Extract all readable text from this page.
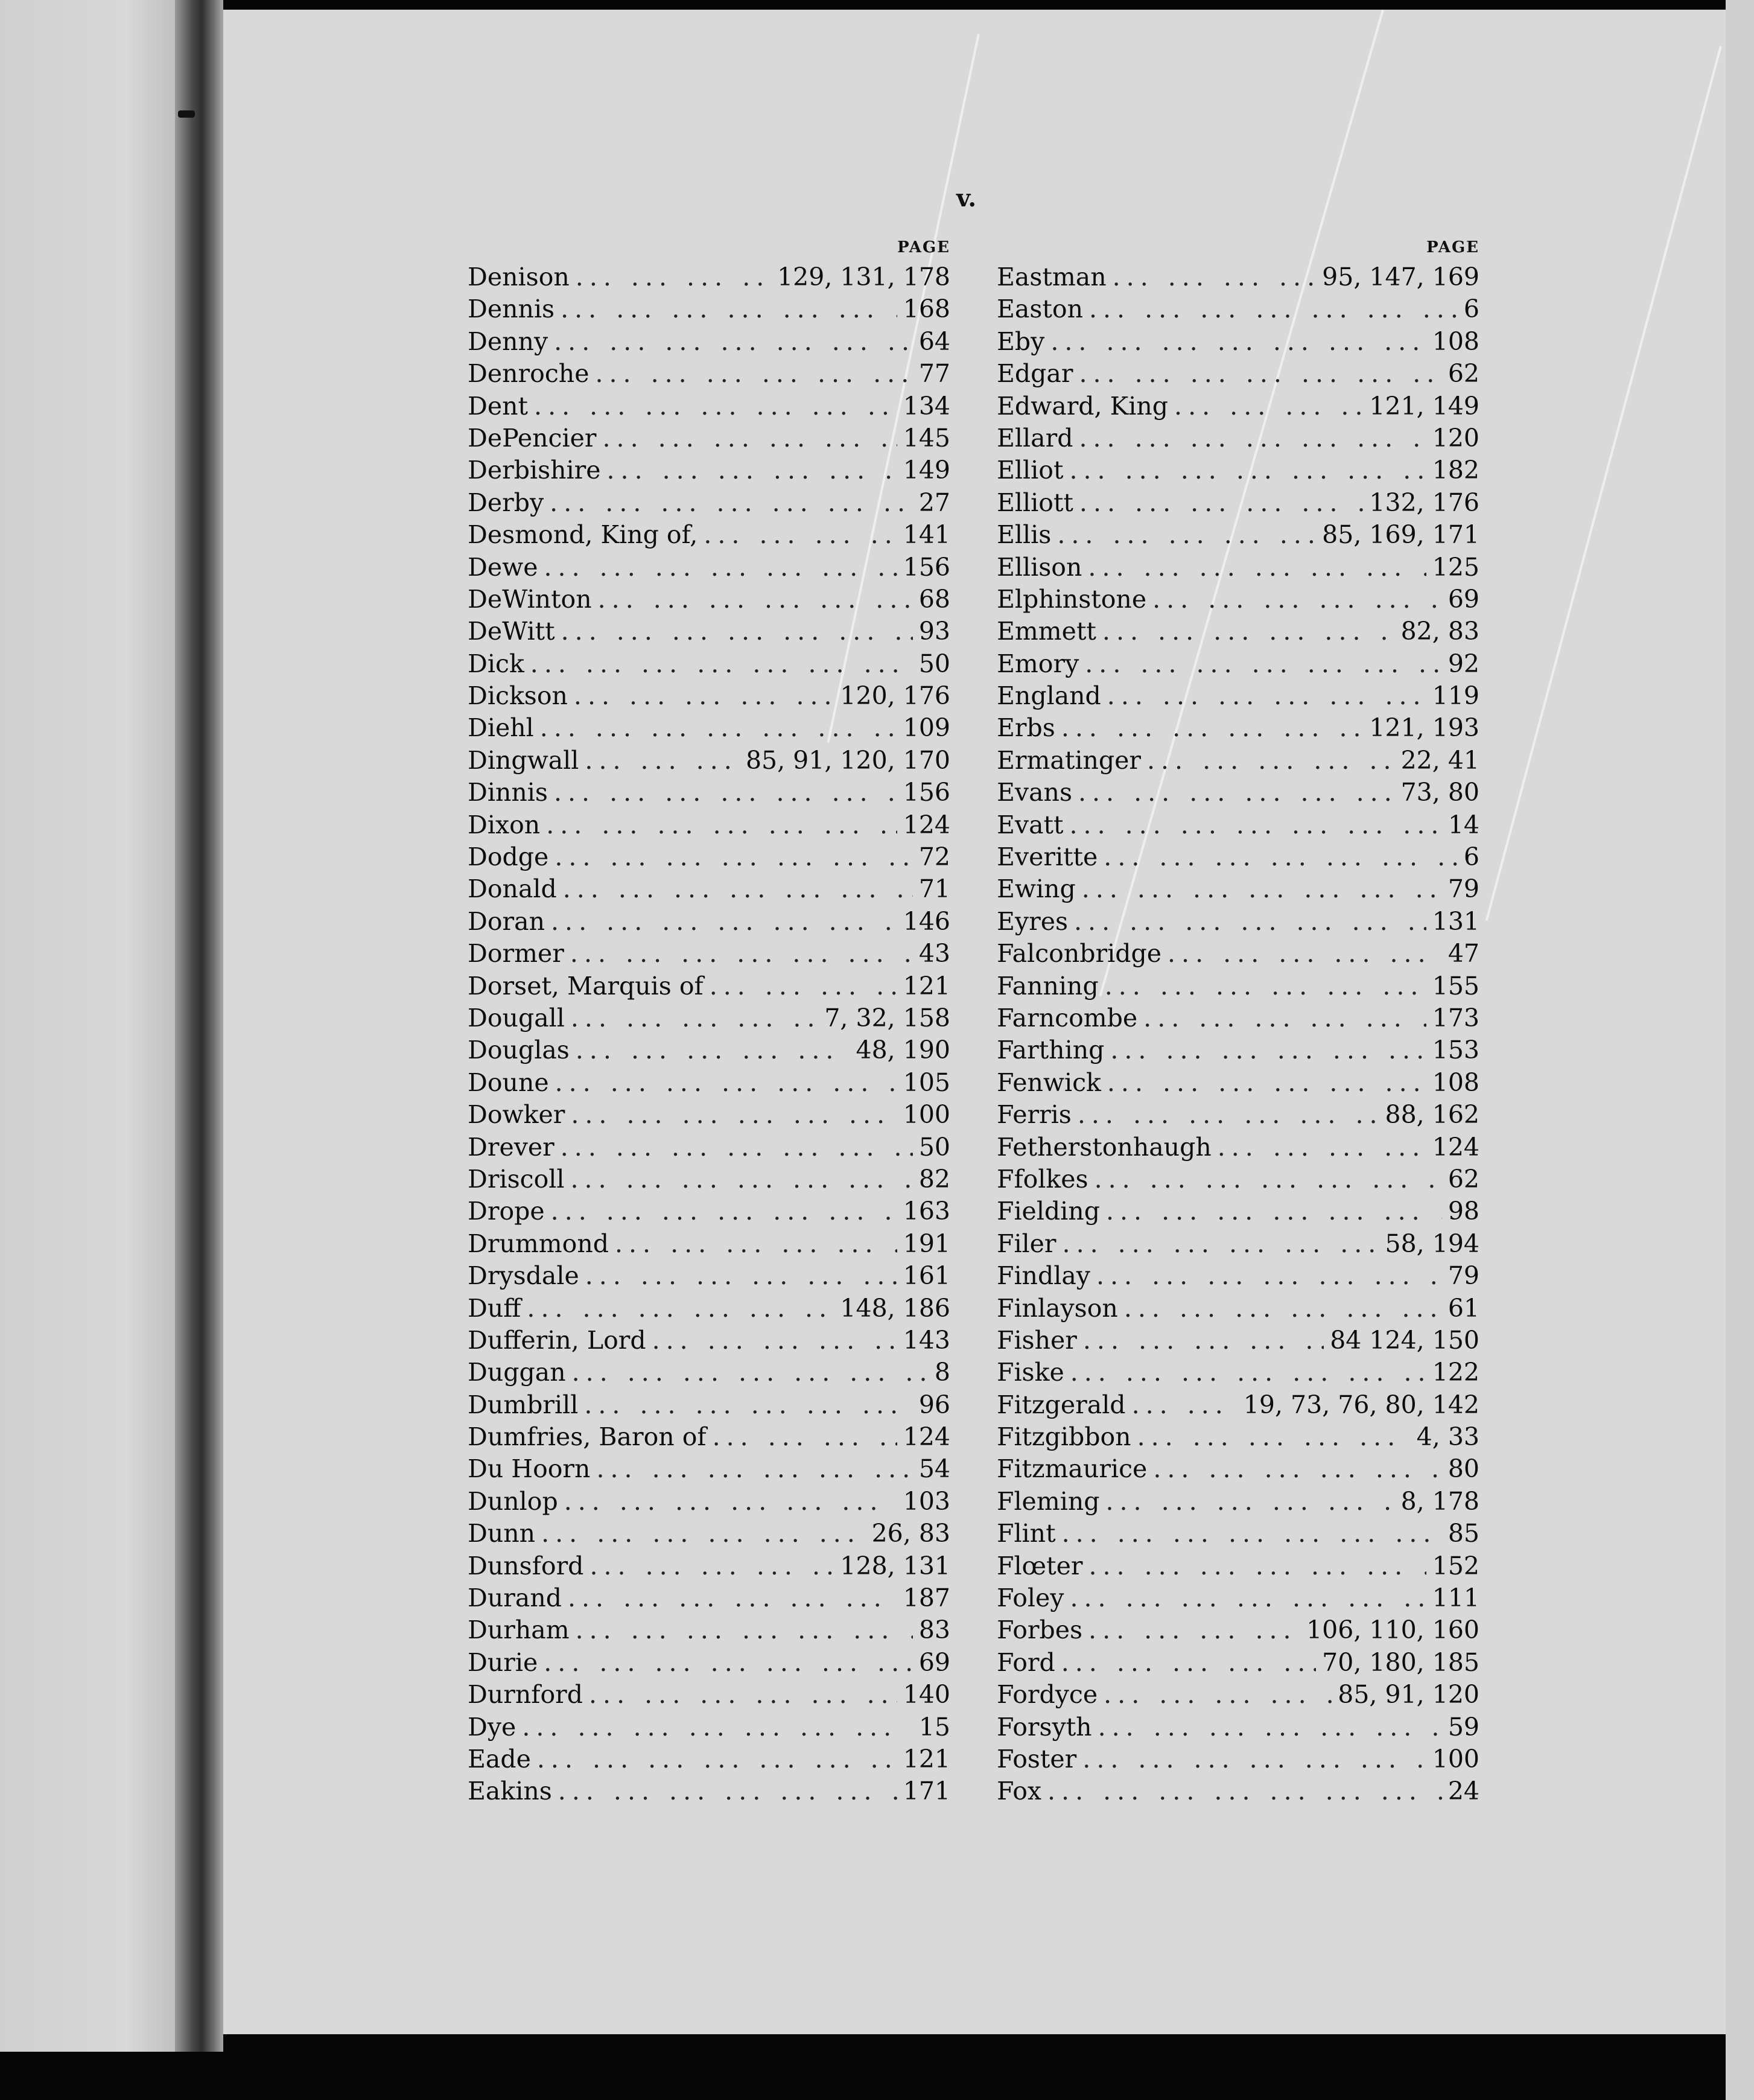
v.
PAGE
Denison ... .	129, 131, 178
Dennis ... .	168
Denny ... .	64
Denroche ... .	77
Dent ... .	134
DePencier ... .	145
Derbishire ... .	149
Derby ... .	27
Desmond, King of, ... .	141
Dewe ... .	156
DeWinton ... .	68
DeWitt ... .	93
Dick ... .	50
Dickson ... .	120, 176
Diehl ... .	109
Dingwall ... .	85, 91, 120, 170
Dinnis ... .	156
Dixon ... .	124
Dodge ... .	72
Donald ... .	71
Doran ... .	146
Dormer ... .	43
Dorset, Marquis of ... .	121
Dougall ... .	7, 32, 158
Douglas ... .	48, 190
Doune ... .	105
Dowker ... .	100
Drever ... .	50
Driscoll ... .	82
Drope ... .	163
Drummond ... .	191
Drysdale ... .	161
Duff ... .	148, 186
Dufferin, Lord ... .	143
Duggan ... .	8
Dumbrill ... .	96
Dumfries, Baron of ... .	124
Du Hoorn ... .	54
Dunlop ... .	103
Dunn ... .	26, 83
Dunsford ... .	128, 131
Durand ... .	187
Durham ... .	83
Durie ... .	69
Durnford ... .	140
Dye ... .	15
Eade ... .	121
Eakins ... .	171
PAGE
Eastman ... .	95, 147, 169
Easton ... .	6
Eby ... .	108
Edgar ... .	62
Edward, King ... .	121, 149
Ellard ... .	120
Elliot ... .	182
Elliott ... .	132, 176
Ellis ... .	85, 169, 171
Ellison ... .	125
Elphinstone ... .	69
Emmett ... .	82, 83
Emory ... .	92
England ... .	119
Erbs ... .	121, 193
Ermatinger ... .	22, 41
Evans ... .	73, 80
Evatt ... .	14
Everitte ... .	6
Ewing ... .	79
Eyres ... .	131
Falconbridge ... .	47
Fanning ... .	155
Farncombe ... .	173
Farthing ... .	153
Fenwick ... .	108
Ferris ... .	88, 162
Fetherstonhaugh ... .	124
Ffolkes ... .	62
Fielding ... .	98
Filer ... .	58, 194
Findlay ... .	79
Finlayson ... .	61
Fisher ... .	84 124, 150
Fiske ... .	122
Fitzgerald ... .	19, 73, 76, 80, 142
Fitzgibbon ... .	4, 33
Fitzmaurice ... .	80
Fleming ... .	8, 178
Flint ... .	85
Flœter ... .	152
Foley ... .	111
Forbes ... .	106, 110, 160
Ford ... .	70, 180, 185
Fordyce ... .	85, 91, 120
Forsyth ... .	59
Foster ... .	100
Fox ... .	24
